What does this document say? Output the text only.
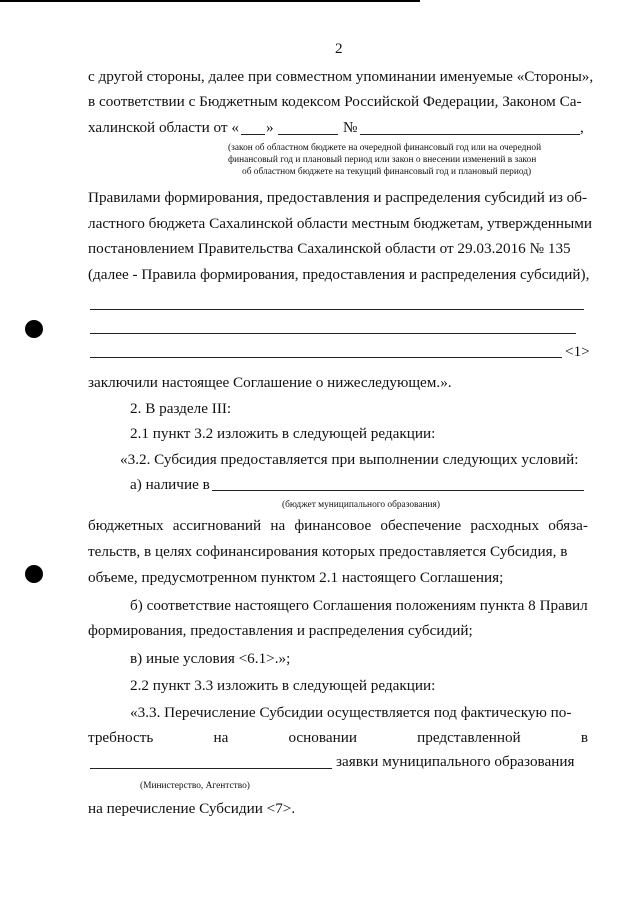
2
с другой стороны, далее при совместном упоминании именуемые «Стороны»,
в соответствии с Бюджетным кодексом Российской Федерации, Законом Са-
халинской области от « »	№	,
(закон об областном бюджете на очередной финансовый год или на очередной
финансовый год и плановый период или закон о внесении изменений в закон
об областном бюджете на текущий финансовый год и плановый период)
Правилами формирования, предоставления и распределения субсидий из об-
ластного бюджета Сахалинской области местным бюджетам, утвержденными
постановлением Правительства Сахалинской области от 29.03.2016 № 135
(далее - Правила формирования, предоставления и распределения субсидий),
<1>
заключили настоящее Соглашение о нижеследующем.».
2. В разделе III:
2.1 пункт 3.2 изложить в следующей редакции:
«3.2. Субсидия предоставляется при выполнении следующих условий:
а) наличие в
(бюджет муниципального образования)
бюджетных ассигнований на финансовое обеспечение расходных обяза-
тельств, в целях софинансирования которых предоставляется Субсидия, в
объеме, предусмотренном пунктом 2.1 настоящего Соглашения;
б) соответствие настоящего Соглашения положениям пункта 8 Правил
формирования, предоставления и распределения субсидий;
в) иные условия <6.1>.»;
2.2 пункт 3.3 изложить в следующей редакции:
«3.3. Перечисление Субсидии осуществляется под фактическую по-
требность	на	основании	представленной	в
заявки муниципального образования
(Министерство, Агентство)
на перечисление Субсидии <7>.
